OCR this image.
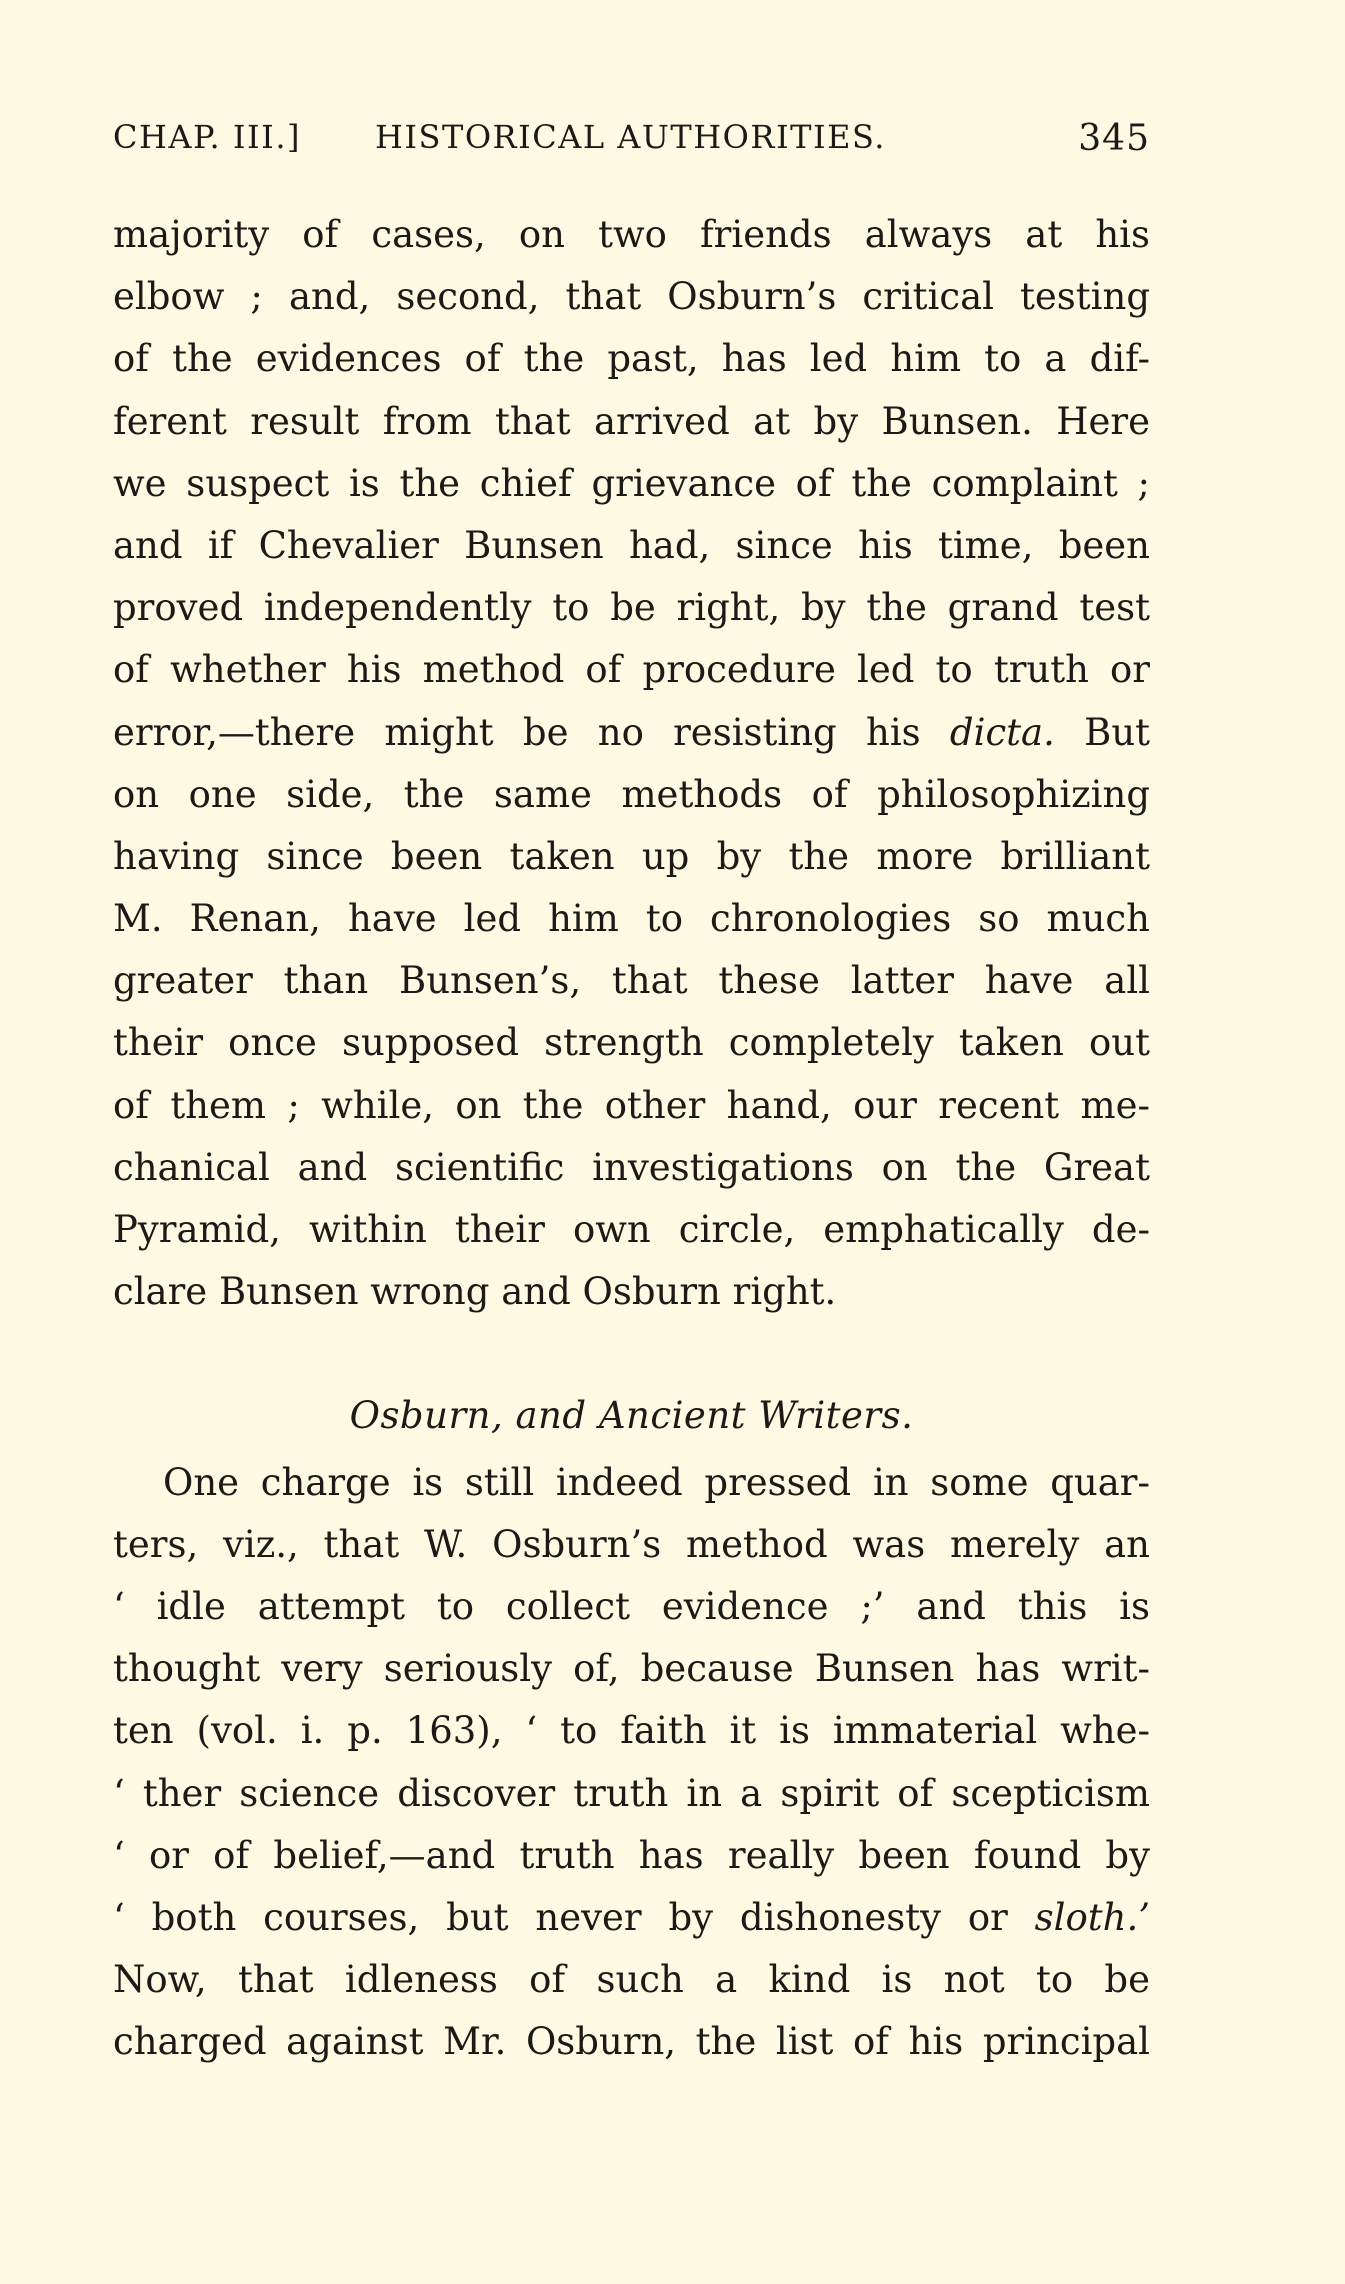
CHAP. III.] HISTORICAL AUTHORITIES.	345
majority of cases, on two friends always at his
elbow ; and, second, that Osburn’s critical testing
of the evidences of the past, has led him to a dif-
ferent result from that arrived at by Bunsen. Here
we suspect is the chief grievance of the complaint ;
and if Chevalier Bunsen had, since his time, been
proved independently to be right, by the grand test
of whether his method of procedure led to truth or
error,—there might be no resisting his dicta. But
on one side, the same methods of philosophizing
having since been taken up by the more brilliant
M. Renan, have led him to chronologies so much
greater than Bunsen’s, that these latter have all
their once supposed strength completely taken out
of them ; while, on the other hand, our recent me-
chanical and scientific investigations on the Great
Pyramid, within their own circle, emphatically de-
clare Bunsen wrong and Osburn right.
Osburn, and Ancient Writers.
One charge is still indeed pressed in some quar-
ters, viz., that W. Osburn’s method was merely an
‘ idle attempt to collect evidence ;’ and this is
thought very seriously of, because Bunsen has writ-
ten (vol. i. p. 163), ‘ to faith it is immaterial whe-
‘ ther science discover truth in a spirit of scepticism
‘ or of belief,—and truth has really been found by
‘ both courses, but never by dishonesty or sloth.’
Now, that idleness of such a kind is not to be
charged against Mr. Osburn, the list of his principal
